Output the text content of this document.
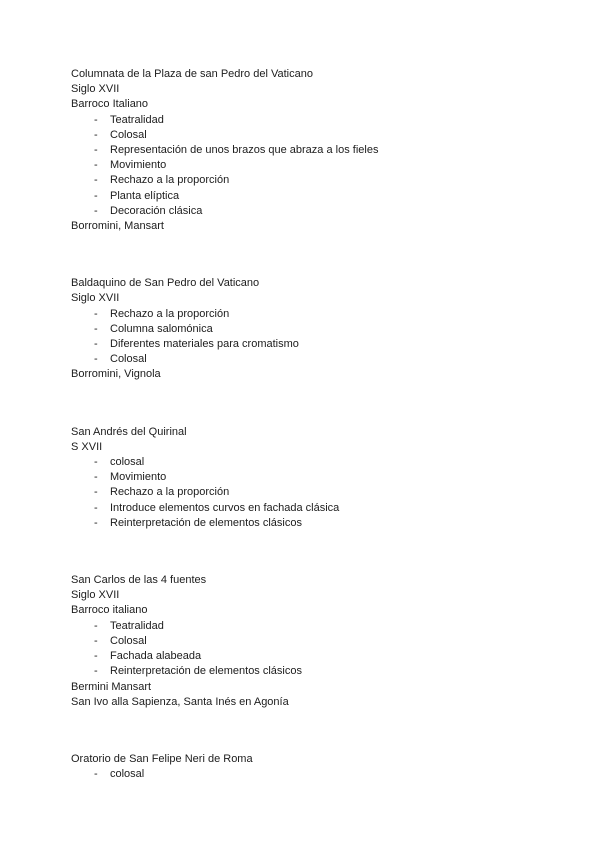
Columnata de la Plaza de san Pedro del Vaticano
Siglo XVII
Barroco Italiano
-	Teatralidad
-	Colosal
-	Representación de unos brazos que abraza a los fieles
-	Movimiento
-	Rechazo a la proporción
-	Planta elíptica
-	Decoración clásica
Borromini, Mansart
Baldaquino de San Pedro del Vaticano
Siglo XVII
-	Rechazo a la proporción
-	Columna salomónica
-	Diferentes materiales para cromatismo
-	Colosal
Borromini, Vignola
San Andrés del Quirinal
S XVII
-	colosal
-	Movimiento
-	Rechazo a la proporción
-	Introduce elementos curvos en fachada clásica
-	Reinterpretación de elementos clásicos
San Carlos de las 4 fuentes
Siglo XVII
Barroco italiano
-	Teatralidad
-	Colosal
-	Fachada alabeada
-	Reinterpretación de elementos clásicos
Bermini Mansart
San Ivo alla Sapienza, Santa Inés en Agonía
Oratorio de San Felipe Neri de Roma
-	colosal
